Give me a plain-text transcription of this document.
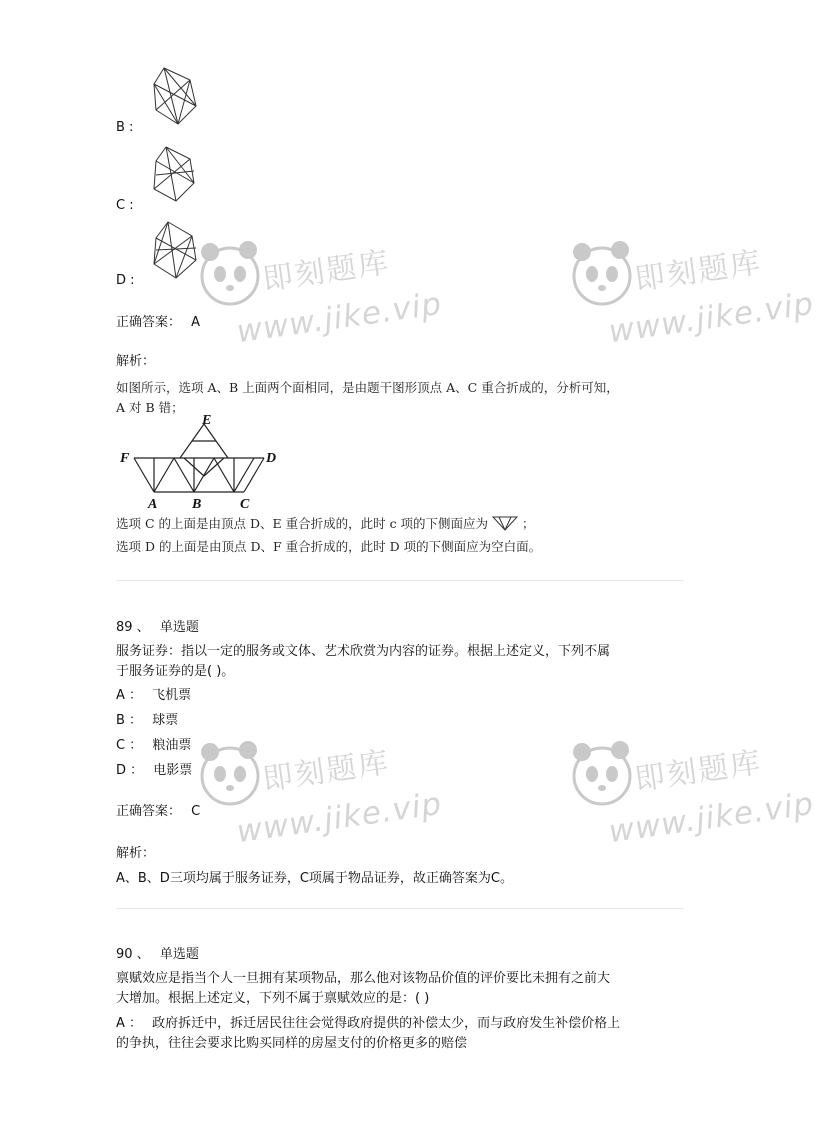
B :
C :
D :
正确答案： A
解析：
如图所示，选项 A、B 上面两个面相同，是由题干图形顶点 A、C 重合折成的，分析可知，
A 对 B 错；
E
F	D
A B	C
选项 C 的上面是由顶点 D、E 重合折成的，此时 c 项的下侧面应为	；
选项 D 的上面是由顶点 D、F 重合折成的，此时 D 项的下侧面应为空白面。
89 、 单选题
服务证券：指以一定的服务或文体、艺术欣赏为内容的证券。根据上述定义，下列不属
于服务证券的是( )。
A ： 飞机票
B ： 球票
C ： 粮油票
D ： 电影票
正确答案： C
解析：
A、B、D三项均属于服务证券，C项属于物品证券，故正确答案为C。
90 、 单选题
禀赋效应是指当个人一旦拥有某项物品，那么他对该物品价值的评价要比未拥有之前大
大增加。根据上述定义，下列不属于禀赋效应的是：( )
A ： 政府拆迁中，拆迁居民往往会觉得政府提供的补偿太少，而与政府发生补偿价格上
的争执，往往会要求比购买同样的房屋支付的价格更多的赔偿
即刻题库
www.jike.vip
即刻题库
www.jike.vip
即刻题库
www.jike.vip
即刻题库
www.jike.vip
